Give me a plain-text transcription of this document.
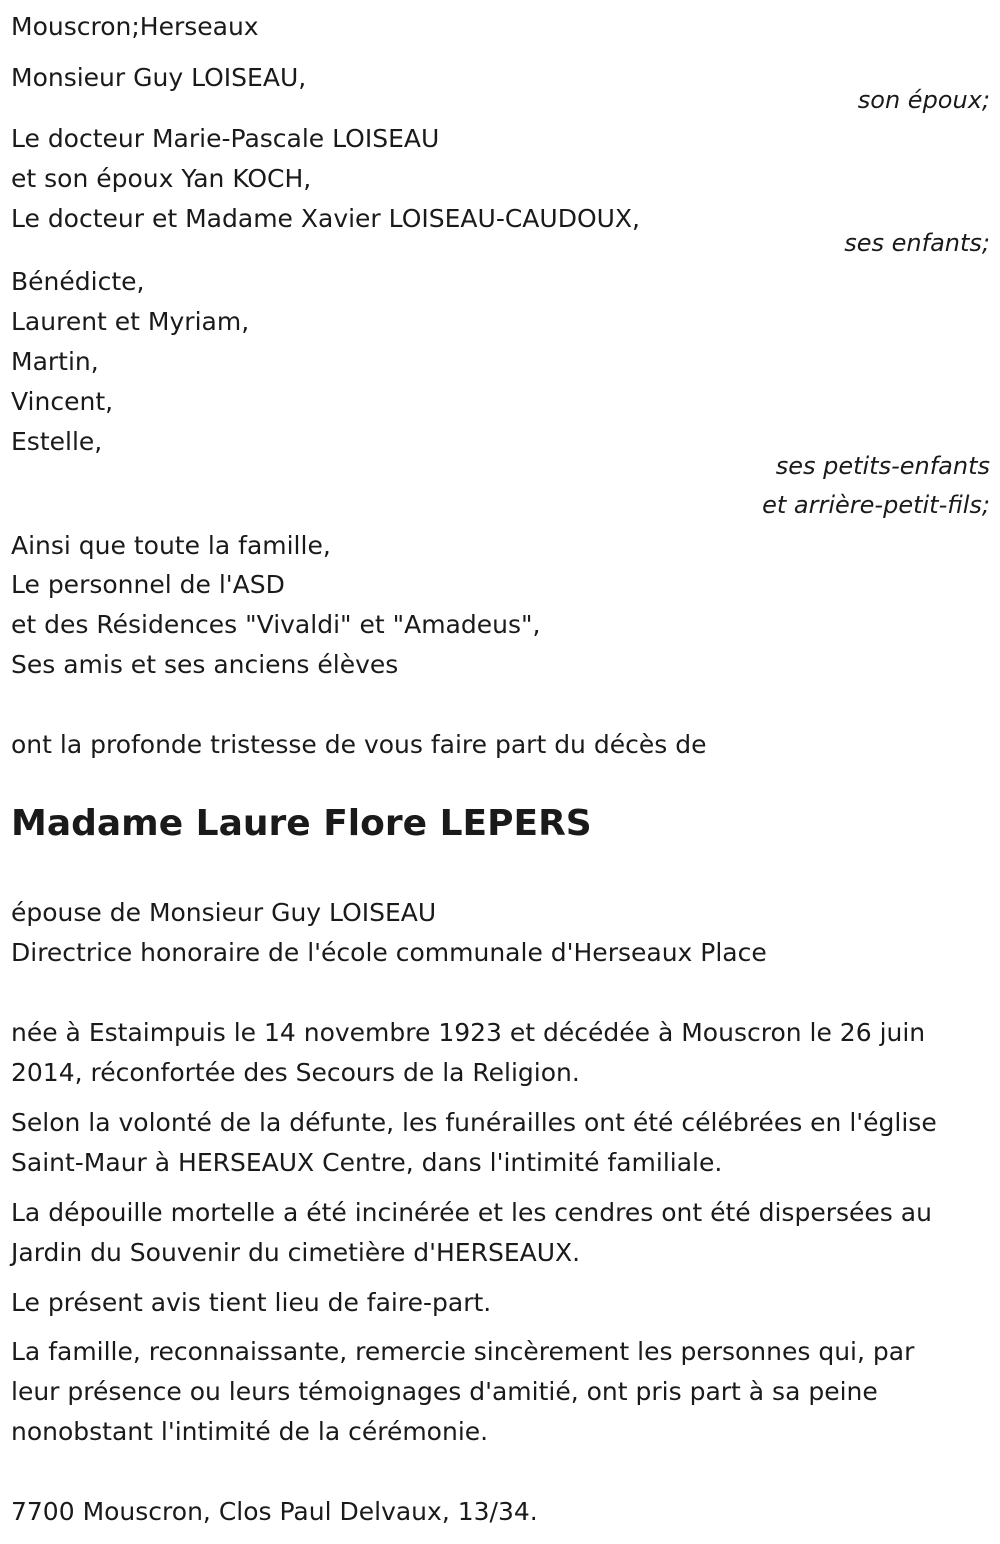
Mouscron;Herseaux
Monsieur Guy LOISEAU,
son époux;
Le docteur Marie-Pascale LOISEAU
et son époux Yan KOCH,
Le docteur et Madame Xavier LOISEAU-CAUDOUX,
ses enfants;
Bénédicte,
Laurent et Myriam,
Martin,
Vincent,
Estelle,
ses petits-enfants
et arrière-petit-fils;
Ainsi que toute la famille,
Le personnel de l'ASD
et des Résidences "Vivaldi" et "Amadeus",
Ses amis et ses anciens élèves
ont la profonde tristesse de vous faire part du décès de
Madame Laure Flore LEPERS
épouse de Monsieur Guy LOISEAU
Directrice honoraire de l'école communale d'Herseaux Place
née à Estaimpuis le 14 novembre 1923 et décédée à Mouscron le 26 juin
2014, réconfortée des Secours de la Religion.
Selon la volonté de la défunte, les funérailles ont été célébrées en l'église
Saint-Maur à HERSEAUX Centre, dans l'intimité familiale.
La dépouille mortelle a été incinérée et les cendres ont été dispersées au
Jardin du Souvenir du cimetière d'HERSEAUX.
Le présent avis tient lieu de faire-part.
La famille, reconnaissante, remercie sincèrement les personnes qui, par
leur présence ou leurs témoignages d'amitié, ont pris part à sa peine
nonobstant l'intimité de la cérémonie.
7700 Mouscron, Clos Paul Delvaux, 13/34.
